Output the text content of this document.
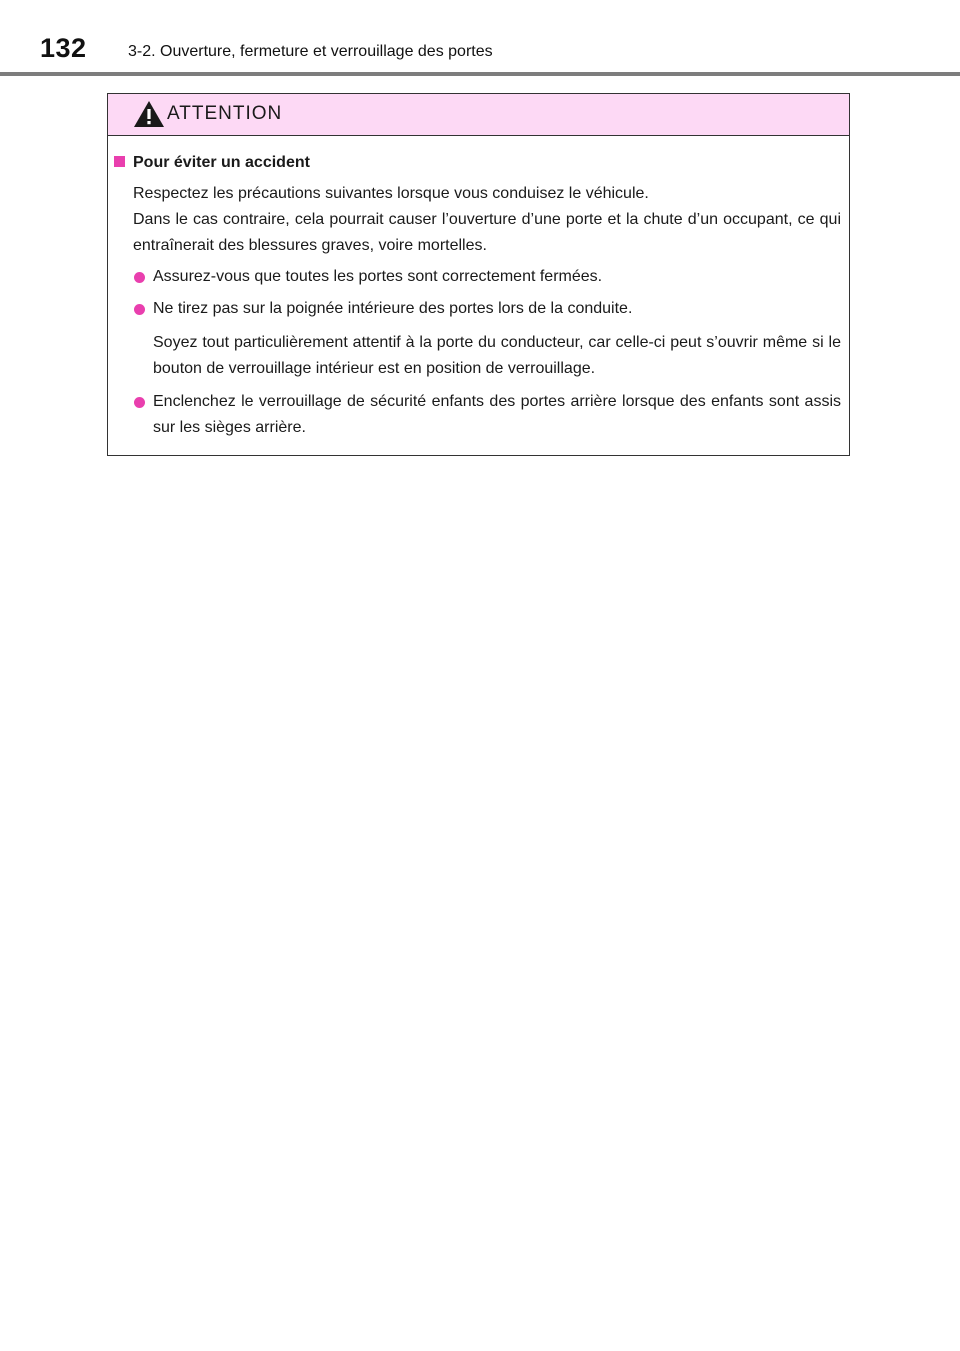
132	3-2. Ouverture, fermeture et verrouillage des portes
ATTENTION
Pour éviter un accident
Respectez les précautions suivantes lorsque vous conduisez le véhicule.
Dans le cas contraire, cela pourrait causer l’ouverture d’une porte et la chute d’un occupant, ce qui entraînerait des blessures graves, voire mortelles.
Assurez-vous que toutes les portes sont correctement fermées.
Ne tirez pas sur la poignée intérieure des portes lors de la conduite.
Soyez tout particulièrement attentif à la porte du conducteur, car celle-ci peut s’ouvrir même si le bouton de verrouillage intérieur est en position de verrouillage.
Enclenchez le verrouillage de sécurité enfants des portes arrière lorsque des enfants sont assis sur les sièges arrière.
